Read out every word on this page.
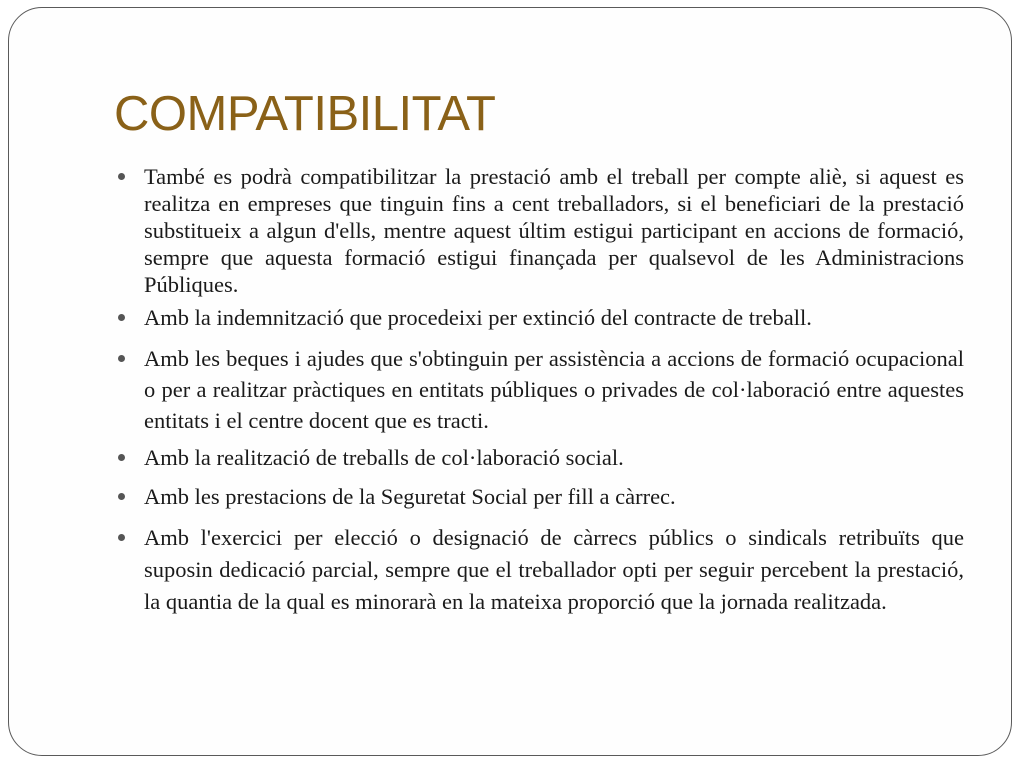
COMPATIBILITAT
També es podrà compatibilitzar la prestació amb el treball per compte aliè, si aquest es realitza en empreses que tinguin fins a cent treballadors, si el beneficiari de la prestació substitueix a algun d'ells, mentre aquest últim estigui participant en accions de formació, sempre que aquesta formació estigui finançada per qualsevol de les Administracions Públiques.
Amb la indemnització que procedeixi per extinció del contracte de treball.
Amb les beques i ajudes que s'obtinguin per assistència a accions de formació ocupacional o per a realitzar pràctiques en entitats públiques o privades de col·laboració entre aquestes entitats i el centre docent que es tracti.
Amb la realització de treballs de col·laboració social.
Amb les prestacions de la Seguretat Social per fill a càrrec.
Amb l'exercici per elecció o designació de càrrecs públics o sindicals retribuïts que suposin dedicació parcial, sempre que el treballador opti per seguir percebent la prestació, la quantia de la qual es minorarà en la mateixa proporció que la jornada realitzada.
